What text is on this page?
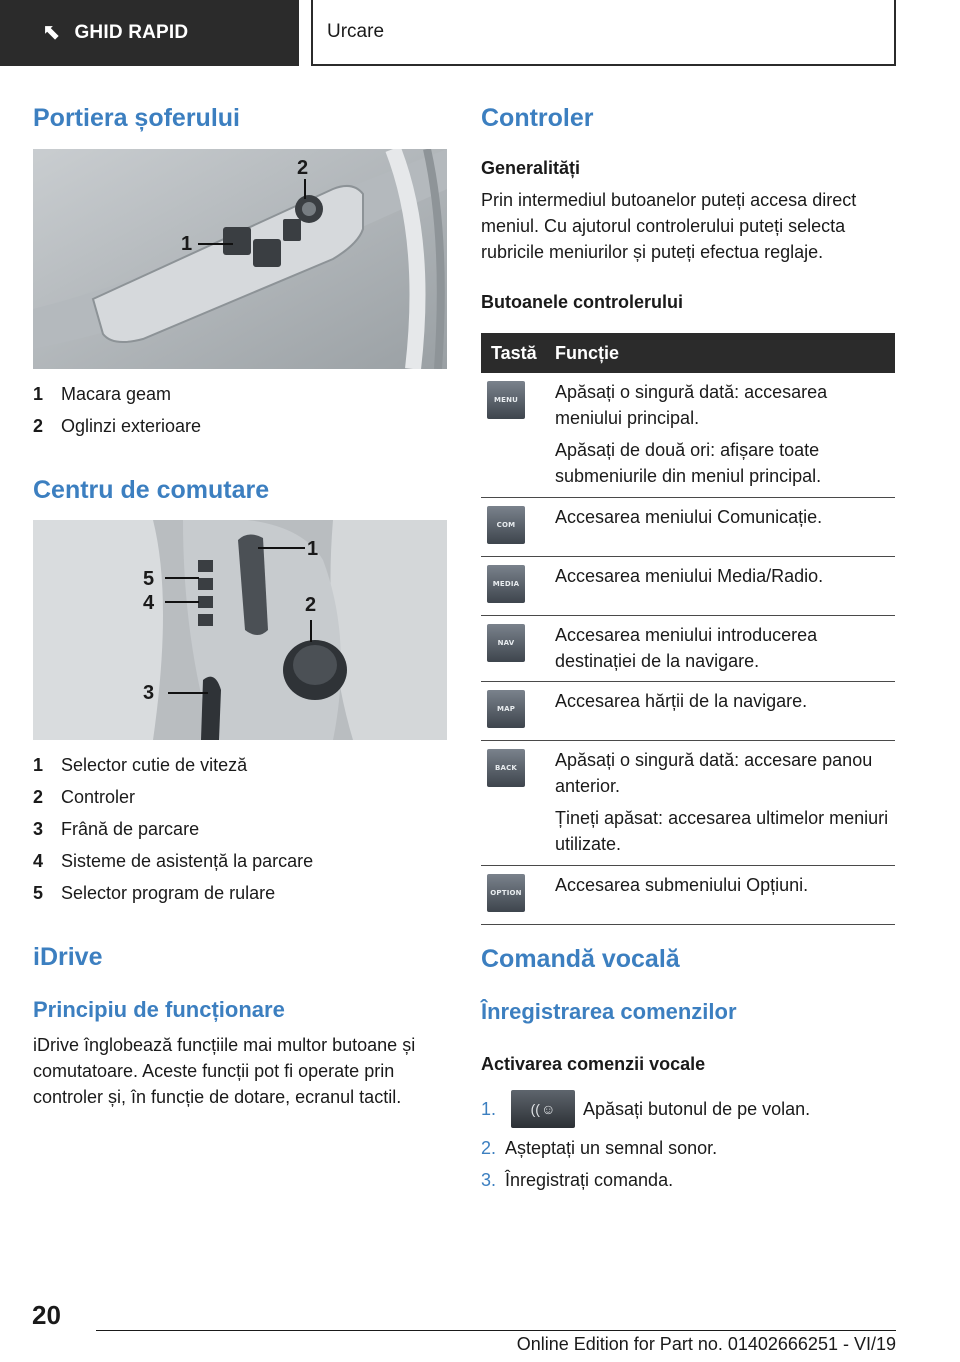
⬉ GHID RAPID	Urcare
Portiera șoferului
1
2
1 Macara geam
2 Oglinzi exterioare
Centru de comutare
1
2
3
4
5
1 Selector cutie de viteză
2 Controler
3 Frână de parcare
4 Sisteme de asistență la parcare
5 Selector program de rulare
iDrive
Principiu de funcționare

iDrive înglobează funcțiile mai multor butoane și comutatoare. Aceste funcții pot fi operate prin controler și, în funcție de dotare, ecranul tactil.

Controler
Generalități

Prin intermediul butoanelor puteți accesa direct meniul. Cu ajutorul controlerului puteți selecta rubricile meniurilor și puteți efectua reglaje.

Butoanele controlerului
Tastă	Funcție
MENU	Apăsați o singură dată: accesarea meniului principal.

Apăsați de două ori: afișare toate submeniurile din meniul principal.

COM	Accesarea meniului Comunicație.

MEDIA	Accesarea meniului Media/Radio.

NAV	Accesarea meniului introducerea destinației de la navigare.

MAP	Accesarea hărții de la navigare.

BACK	Apăsați o singură dată: accesare panou anterior.

Țineți apăsat: accesarea ultimelor meniuri utilizate.

OPTION Accesarea submeniului Opțiuni.

Comandă vocală
Înregistrarea comenzilor
Activarea comenzii vocale
1.	(( ☺	Apăsați butonul de pe volan.
2. Așteptați un semnal sonor.
3. Înregistrați comanda.
20
Online Edition for Part no. 01402666251 - VI/19
